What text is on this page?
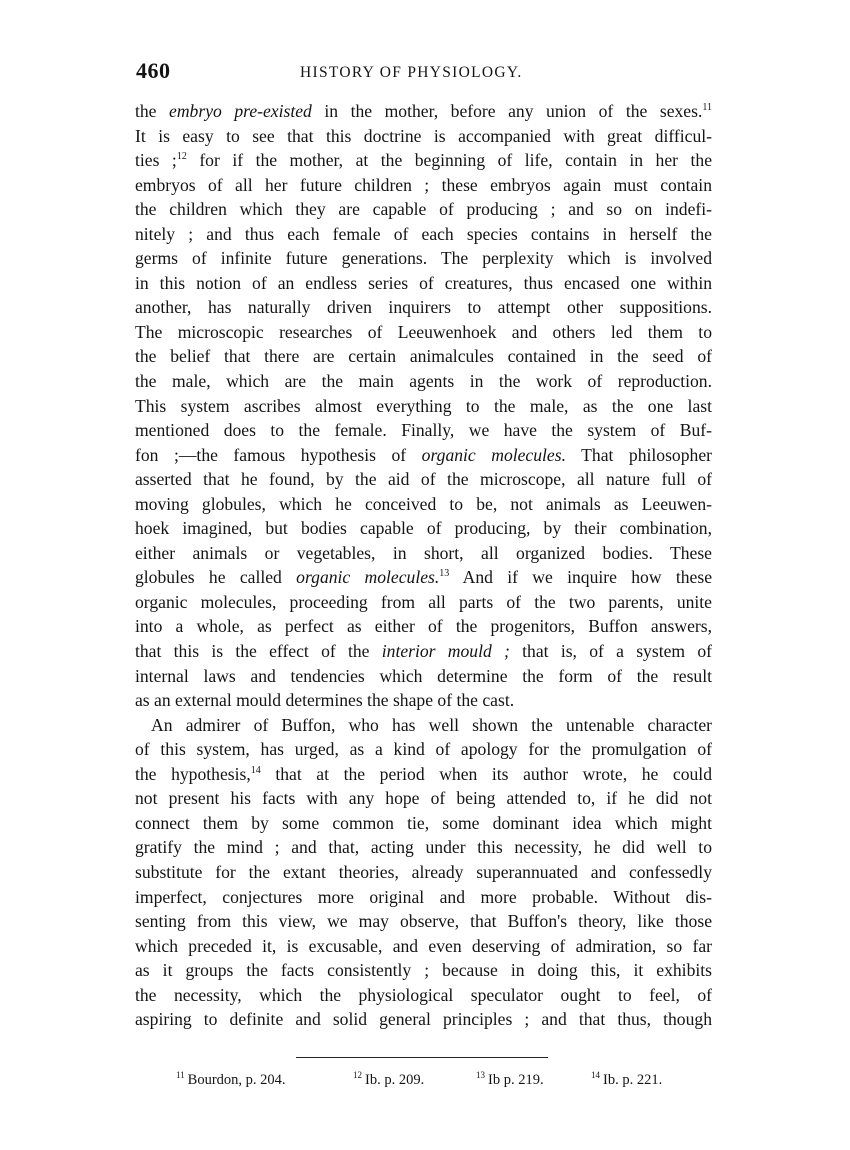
460	HISTORY OF PHYSIOLOGY.
the embryo pre-existed in the mother, before any union of the sexes.$^{11}$
It is easy to see that this doctrine is accompanied with great difficul-
ties ;$^{12}$ for if the mother, at the beginning of life, contain in her the
embryos of all her future children ; these embryos again must contain
the children which they are capable of producing ; and so on indefi-
nitely ; and thus each female of each species contains in herself the
germs of infinite future generations. The perplexity which is involved
in this notion of an endless series of creatures, thus encased one within
another, has naturally driven inquirers to attempt other suppositions.
The microscopic researches of Leeuwenhoek and others led them to
the belief that there are certain animalcules contained in the seed of
the male, which are the main agents in the work of reproduction.
This system ascribes almost everything to the male, as the one last
mentioned does to the female. Finally, we have the system of Buf-
fon ;—the famous hypothesis of organic molecules. That philosopher
asserted that he found, by the aid of the microscope, all nature full of
moving globules, which he conceived to be, not animals as Leeuwen-
hoek imagined, but bodies capable of producing, by their combination,
either animals or vegetables, in short, all organized bodies. These
globules he called organic molecules.$^{13}$ And if we inquire how these
organic molecules, proceeding from all parts of the two parents, unite
into a whole, as perfect as either of the progenitors, Buffon answers,
that this is the effect of the interior mould ; that is, of a system of
internal laws and tendencies which determine the form of the result
as an external mould determines the shape of the cast.
An admirer of Buffon, who has well shown the untenable character
of this system, has urged, as a kind of apology for the promulgation of
the hypothesis,$^{14}$ that at the period when its author wrote, he could
not present his facts with any hope of being attended to, if he did not
connect them by some common tie, some dominant idea which might
gratify the mind ; and that, acting under this necessity, he did well to
substitute for the extant theories, already superannuated and confessedly
imperfect, conjectures more original and more probable. Without dis-
senting from this view, we may observe, that Buffon's theory, like those
which preceded it, is excusable, and even deserving of admiration, so far
as it groups the facts consistently ; because in doing this, it exhibits
the necessity, which the physiological speculator ought to feel, of
aspiring to definite and solid general principles ; and that thus, though
$^{11}$ Bourdon, p. 204.	$^{12}$ Ib. p. 209.	$^{13}$ Ib p. 219.	$^{14}$ Ib. p. 221.
